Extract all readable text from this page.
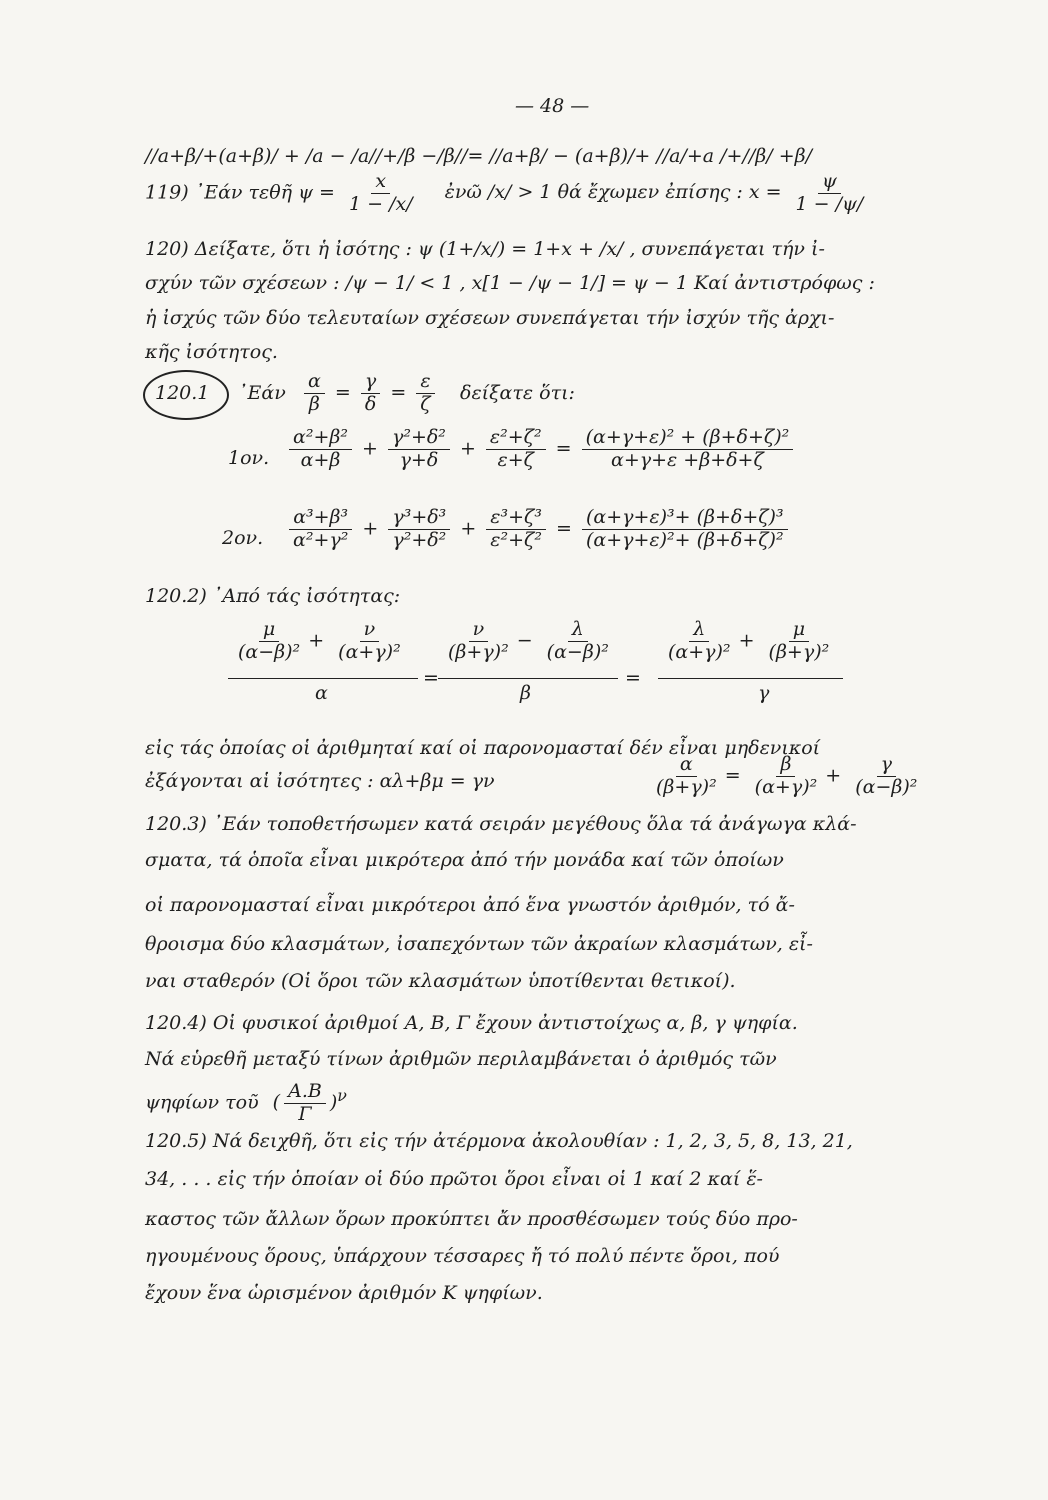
— 48 —
//a+β/+(a+β)/ + /a − /a//+/β −/β//= //a+β/ − (a+β)/+ //a/+a /+//β/ +β/
119) ᾽Εάν τεθῆ $\psi = \frac{x}{1 - /x/}$ ἐνῶ /x/ > 1 θά ἔχωμεν ἐπίσης : $x = \frac{\psi}{1 - /\psi/}$
120) Δείξατε, ὅτι ἡ ἰσότης : ψ (1+/x/) = 1+x + /x/ , συνεπάγεται τήν ἰ-
σχύν τῶν σχέσεων : /ψ − 1/ < 1 , x[1 − /ψ − 1/] = ψ − 1 Καί ἀντιστρόφως :
ἡ ἰσχύς τῶν δύο τελευταίων σχέσεων συνεπάγεται τήν ἰσχύν τῆς ἀρχι-
κῆς ἰσότητος.
120.1 ᾽Εάν $\frac{\alpha}{\beta} = \frac{\gamma}{\delta} = \frac{\varepsilon}{\zeta}$ δείξατε ὅτι:
1ον. $\frac{\text{α²+β²}}{\alpha+\beta} + \frac{\text{γ²+δ²}}{\gamma+\delta} + \frac{\text{ε²+ζ²}}{\varepsilon+\zeta} = \frac{\text{(α+γ+ε)² + (β+δ+ζ)²}}{\alpha+\gamma+\varepsilon +\beta+\delta+\zeta}$
2ον. $\frac{\text{α³+β³}}{\text{α²+γ²}} + \frac{\text{γ³+δ³}}{\text{γ²+δ²}} + \frac{\text{ε³+ζ³}}{\text{ε²+ζ²}} = \frac{\text{(α+γ+ε)³+ (β+δ+ζ)³}}{\text{(α+γ+ε)²+ (β+δ+ζ)²}}$
120.2) ᾽Από τάς ἰσότητας:
$\frac{\mu}{\text{(α−β)²}} + \frac{\nu}{\text{(α+γ)²}}$
α
=
$\frac{\nu}{\text{(β+γ)²}} - \frac{\lambda}{\text{(α−β)²}}$
β
=
$\frac{\lambda}{\text{(α+γ)²}} + \frac{\mu}{\text{(β+γ)²}}$
γ
εἰς τάς ὁποίας οἱ ἀριθμηταί καί οἱ παρονομασταί δέν εἶναι μηδενικοί
ἐξάγονται αἱ ἰσότητες : αλ+βμ = γν	$\frac{\alpha}{\text{(β+γ)²}} = \frac{\beta}{\text{(α+γ)²}} + \frac{\gamma}{\text{(α−β)²}}$
120.3) ᾽Εάν τοποθετήσωμεν κατά σειράν μεγέθους ὅλα τά ἀνάγωγα κλά-
σματα, τά ὁποῖα εἶναι μικρότερα ἀπό τήν μονάδα καί τῶν ὁποίων
οἱ παρονομασταί εἶναι μικρότεροι ἀπό ἕνα γνωστόν ἀριθμόν, τό ἄ-
θροισμα δύο κλασμάτων, ἰσαπεχόντων τῶν ἀκραίων κλασμάτων, εἶ-
ναι σταθερόν (Οἱ ὅροι τῶν κλασμάτων ὑποτίθενται θετικοί).
120.4) Οἱ φυσικοί ἀριθμοί Α, Β, Γ ἔχουν ἀντιστοίχως α, β, γ ψηφία.
Νά εὑρεθῆ μεταξύ τίνων ἀριθμῶν περιλαμβάνεται ὁ ἀριθμός τῶν
ψηφίων τοῦ ( $\frac{A.B}{\Gamma} )^\nu$
120.5) Νά δειχθῆ, ὅτι εἰς τήν ἀτέρμονα ἀκολουθίαν : 1, 2, 3, 5, 8, 13, 21,
34, . . . εἰς τήν ὁποίαν οἱ δύο πρῶτοι ὅροι εἶναι οἱ 1 καί 2 καί ἕ-
καστος τῶν ἄλλων ὅρων προκύπτει ἄν προσθέσωμεν τούς δύο προ-
ηγουμένους ὅρους, ὑπάρχουν τέσσαρες ἤ τό πολύ πέντε ὅροι, πού
ἔχουν ἕνα ὡρισμένον ἀριθμόν Κ ψηφίων.
